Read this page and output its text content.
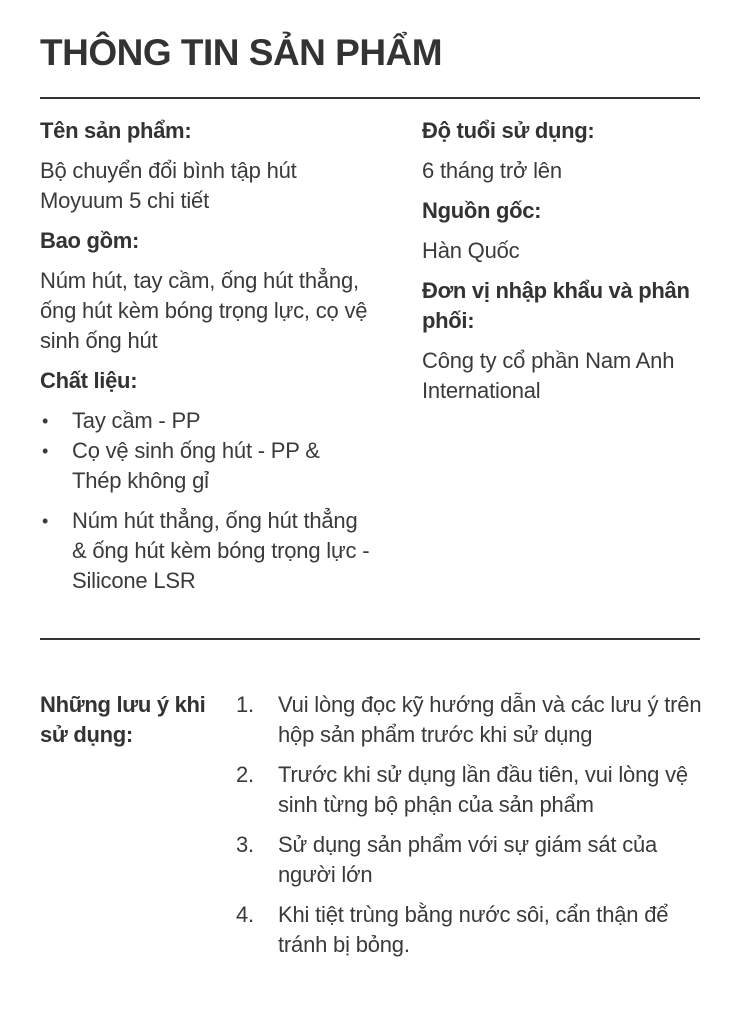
THÔNG TIN SẢN PHẨM
Tên sản phẩm:
Bộ chuyển đổi bình tập hút Moyuum 5 chi tiết
Bao gồm:
Núm hút, tay cầm, ống hút thẳng, ống hút kèm bóng trọng lực, cọ vệ sinh ống hút
Chất liệu:
• Tay cầm - PP
• Cọ vệ sinh ống hút - PP & Thép không gỉ
• Núm hút thẳng, ống hút thẳng & ống hút kèm bóng trọng lực - Silicone LSR
Độ tuổi sử dụng:
6 tháng trở lên
Nguồn gốc:
Hàn Quốc
Đơn vị nhập khẩu và phân phối:
Công ty cổ phần Nam Anh International
Những lưu ý khi sử dụng:
1. Vui lòng đọc kỹ hướng dẫn và các lưu ý trên hộp sản phẩm trước khi sử dụng
2. Trước khi sử dụng lần đầu tiên, vui lòng vệ sinh từng bộ phận của sản phẩm
3. Sử dụng sản phẩm với sự giám sát của người lớn
4. Khi tiệt trùng bằng nước sôi, cẩn thận để tránh bị bỏng.
